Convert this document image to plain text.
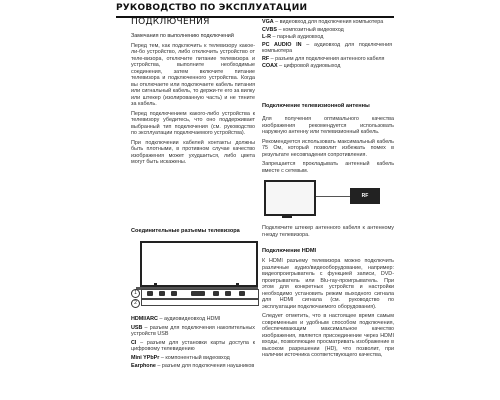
РУКОВОДСТВО ПО ЭКСПЛУАТАЦИИ
ПОДКЛЮЧЕНИЯ

Замечания по выполнению подключений

Перед тем, как подключить к телевизору какое-ли-бо устройство, либо отключить устройство от теле-визора, отключите питание телевизора и устройства, выполните необходимые соединения, затем включите питание телевизора и подключенного устройства. Когда вы отключаете или подключаете кабель питания или сигнальный кабель, то держи-те его за вилку или штекер (изолированную часть) и не тяните за кабель.

Перед подключением какого-либо устройства к телевизору убедитесь, что оно поддерживает выбранный тип подключения (см. руководство по эксплуатации подключаемого устройства).

При подключении кабелей контакты должны быть плотными, в противном случае качество изображения может ухудшиться, либо цвета могут быть искажены.

Соединительные разъемы телевизора
1
2

HDMI/ARC – аудиовидеовход HDMI

USB – разъем для подключения накопительных устройств USB

CI – разъем для установки карты доступа к цифровому телевидению

Mini YPbPr – компонентный видеовход

Earphone – разъем для подключения наушников

VGA – видеовход для подключения компьютера

CVBS – композитный видеовход

L-R – парный аудиовход

PC AUDIO IN – аудиовход для подключения компьютера

RF – разъем для подключения антенного кабеля

COAX – цифровой аудиовыход

Подключение телевизионной антенны

Для получения оптимального качества изображения рекомендуется использовать наружную антенну или телевизионный кабель.

Рекомендуется использовать максимальный кабель 75 Ом, который позволит избежать помех в результате несовпадения сопротивления.

Запрещается прокладывать антенный кабель вместе с сетевым.

RF

Подключите штекер антенного кабеля к антенному гнезду телевизора.

Подключение HDMI

К HDMI разъему телевизора можно подключить различные аудио/видеооборудование, например: видеопроигрыватель с функцией записи, DVD-проигрыватель или Blu-ray-проигрыватель. При этом для конкретных устройств и настройки необходимо установить режим выходного сигнала для HDMI сигнала (см. руководство по эксплуатации подключаемого оборудования).

Следует отметить, что в настоящее время самым современным и удобным способом подключения, обеспечивающим максимальное качество изображения, является присоединение через HDMI входы, позволяющие просматривать изображение в высоком разрешении (HD), что позволит, при наличии источника соответствующего качества,
